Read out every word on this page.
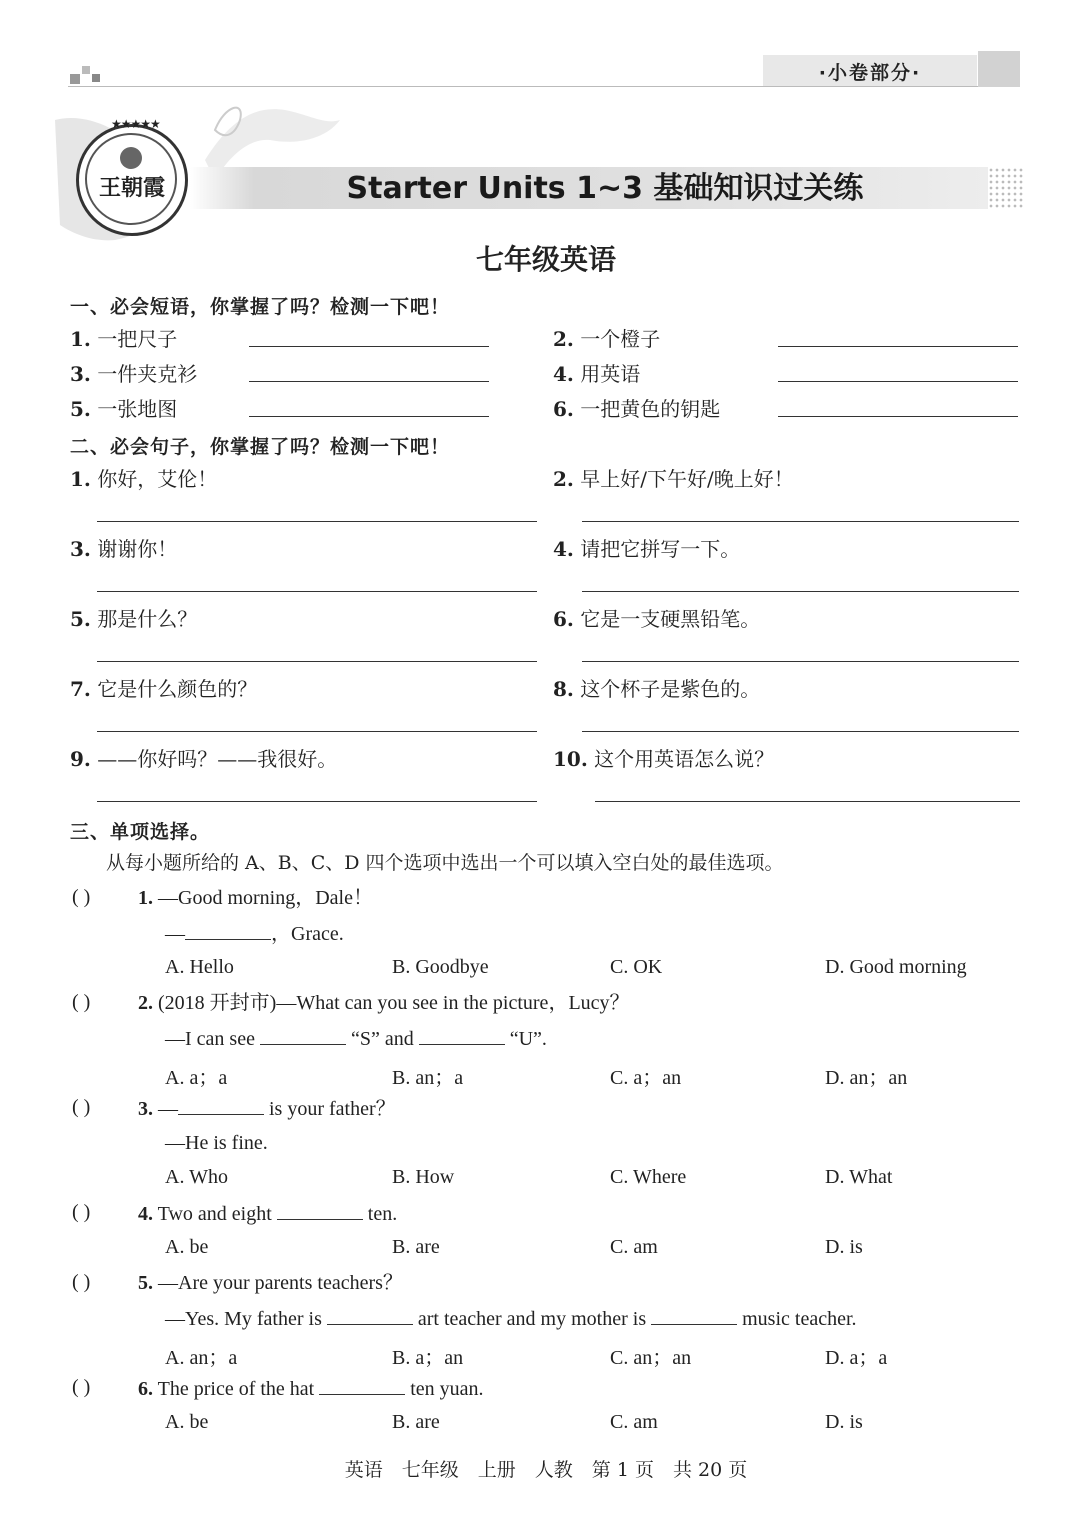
·小卷部分·
Starter Units 1~3 基础知识过关练
★★★★★
王朝霞
七年级英语
一、必会短语，你掌握了吗？检测一下吧！
1. 一把尺子	2. 一个橙子
3. 一件夹克衫	4. 用英语
5. 一张地图	6. 一把黄色的钥匙
二、必会句子，你掌握了吗？检测一下吧！
1. 你好，艾伦！	2. 早上好/下午好/晚上好！
3. 谢谢你！	4. 请把它拼写一下。
5. 那是什么？	6. 它是一支硬黑铅笔。
7. 它是什么颜色的？	8. 这个杯子是紫色的。
9. ——你好吗？——我很好。	10. 这个用英语怎么说？
三、单项选择。
从每小题所给的 A、B、C、D 四个选项中选出一个可以填入空白处的最佳选项。
( ) 1. —Good morning，Dale！
—	，Grace.
A. Hello	B. Goodbye	C. OK	D. Good morning
( ) 2. (2018 开封市)—What can you see in the picture，Lucy？
—I can see	“S” and	“U”.
A. a；a	B. an；a	C. a；an	D. an；an
( ) 3. —	is your father？
—He is fine.
A. Who	B. How	C. Where	D. What
( ) 4. Two and eight	ten.
A. be	B. are	C. am	D. is
( ) 5. —Are your parents teachers？
—Yes. My father is	art teacher and my mother is	music teacher.
A. an；a	B. a；an	C. an；an	D. a；a
( ) 6. The price of the hat	ten yuan.
A. be	B. are	C. am	D. is
英语　七年级　上册　人教　第 1 页　共 20 页
